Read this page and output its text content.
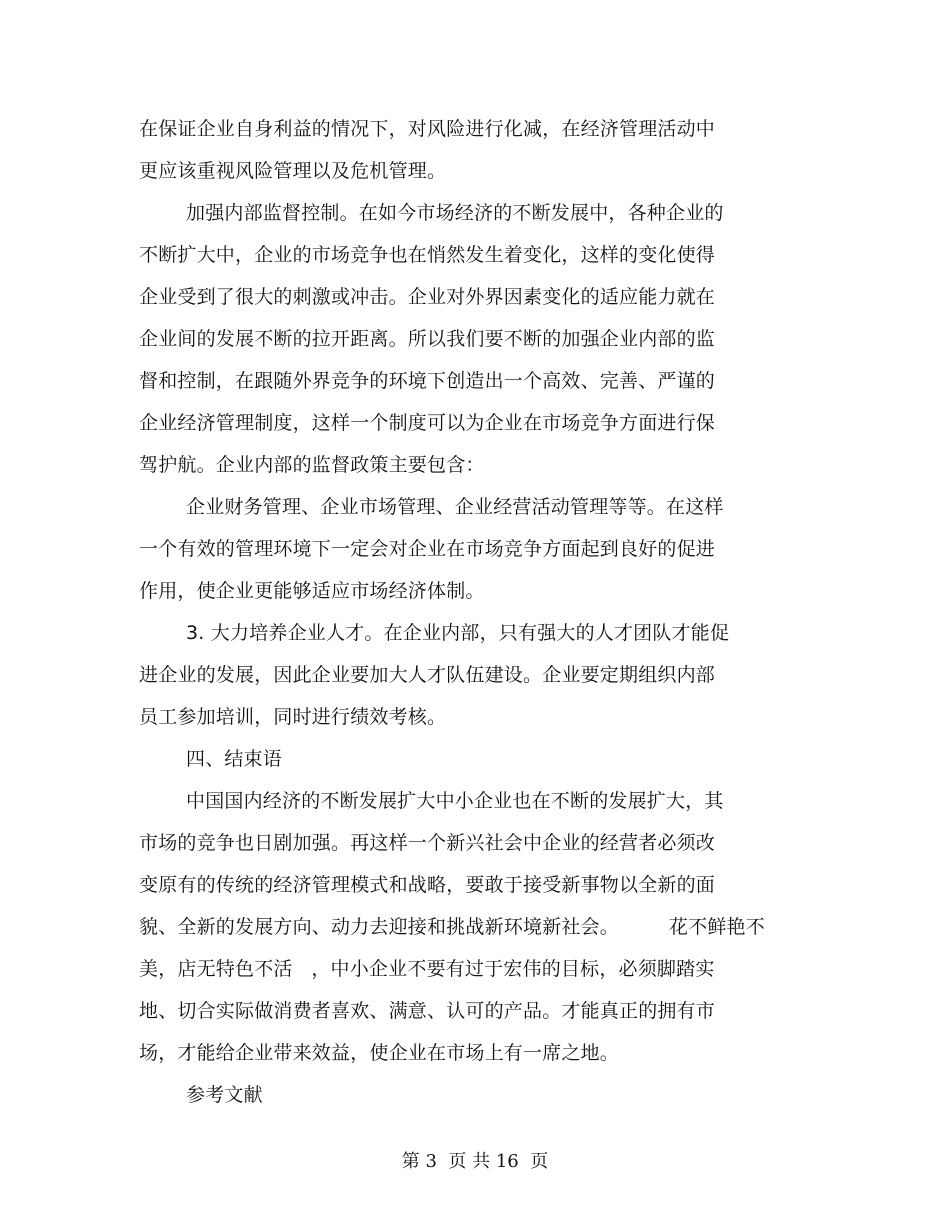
在保证企业自身利益的情况下，对风险进行化减，在经济管理活动中
更应该重视风险管理以及危机管理。
加强内部监督控制。在如今市场经济的不断发展中，各种企业的
不断扩大中，企业的市场竞争也在悄然发生着变化，这样的变化使得
企业受到了很大的刺激或冲击。企业对外界因素变化的适应能力就在
企业间的发展不断的拉开距离。所以我们要不断的加强企业内部的监
督和控制，在跟随外界竞争的环境下创造出一个高效、完善、严谨的
企业经济管理制度，这样一个制度可以为企业在市场竞争方面进行保
驾护航。企业内部的监督政策主要包含：
企业财务管理、企业市场管理、企业经营活动管理等等。在这样
一个有效的管理环境下一定会对企业在市场竞争方面起到良好的促进
作用，使企业更能够适应市场经济体制。
3. 大力培养企业人才。在企业内部，只有强大的人才团队才能促
进企业的发展，因此企业要加大人才队伍建设。企业要定期组织内部
员工参加培训，同时进行绩效考核。
四、结束语
中国国内经济的不断发展扩大中小企业也在不断的发展扩大，其
市场的竞争也日剧加强。再这样一个新兴社会中企业的经营者必须改
变原有的传统的经济管理模式和战略，要敢于接受新事物以全新的面
貌、全新的发展方向、动力去迎接和挑战新环境新社会。        花不鲜艳不
美，店无特色不活   ，中小企业不要有过于宏伟的目标，必须脚踏实
地、切合实际做消费者喜欢、满意、认可的产品。才能真正的拥有市
场，才能给企业带来效益，使企业在市场上有一席之地。
参考文献
第 3  页 共 16  页
